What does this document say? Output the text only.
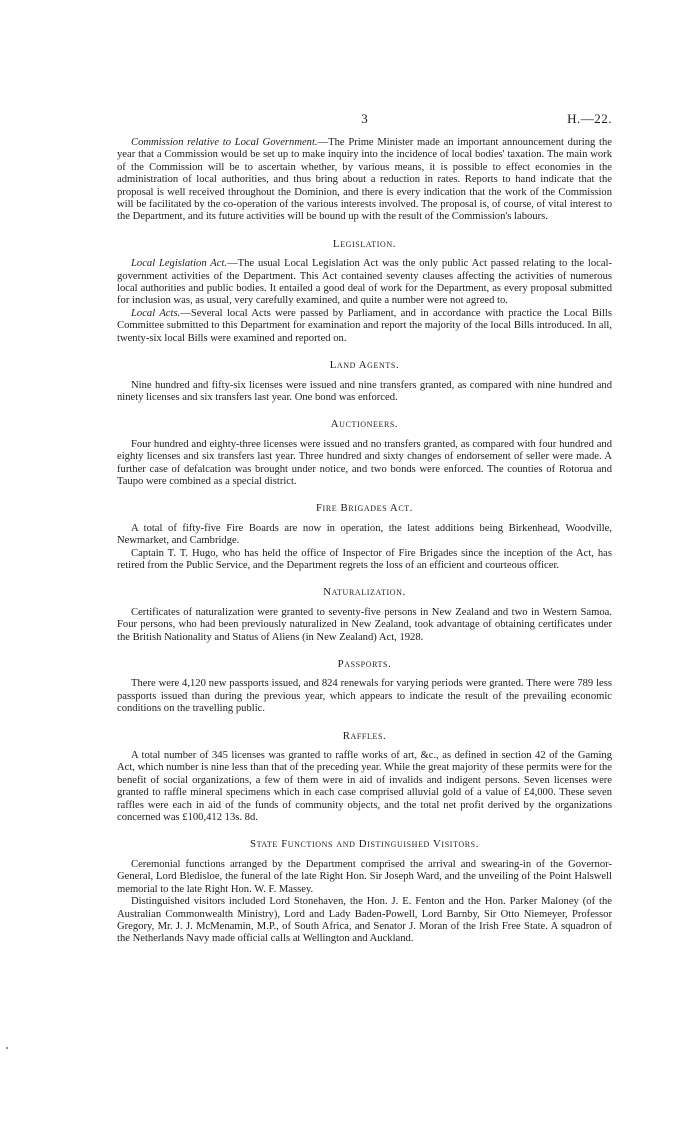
3	H.—22.

Commission relative to Local Government.—The Prime Minister made an important announcement during the year that a Commission would be set up to make inquiry into the incidence of local bodies' taxation. The main work of the Commission will be to ascertain whether, by various means, it is possible to effect economies in the administration of local authorities, and thus bring about a reduction in rates. Reports to hand indicate that the proposal is well received throughout the Dominion, and there is every indication that the work of the Commission will be facilitated by the co-operation of the various interests involved. The proposal is, of course, of vital interest to the Department, and its future activities will be bound up with the result of the Commission's labours.

Legislation.

Local Legislation Act.—The usual Local Legislation Act was the only public Act passed relating to the local-government activities of the Department. This Act contained seventy clauses affecting the activities of numerous local authorities and public bodies. It entailed a good deal of work for the Department, as every proposal submitted for inclusion was, as usual, very carefully examined, and quite a number were not agreed to.

Local Acts.—Several local Acts were passed by Parliament, and in accordance with practice the Local Bills Committee submitted to this Department for examination and report the majority of the local Bills introduced. In all, twenty-six local Bills were examined and reported on.

Land Agents.

Nine hundred and fifty-six licenses were issued and nine transfers granted, as compared with nine hundred and ninety licenses and six transfers last year. One bond was enforced.

Auctioneers.

Four hundred and eighty-three licenses were issued and no transfers granted, as compared with four hundred and eighty licenses and six transfers last year. Three hundred and sixty changes of endorsement of seller were made. A further case of defalcation was brought under notice, and two bonds were enforced. The counties of Rotorua and Taupo were combined as a special district.

Fire Brigades Act.

A total of fifty-five Fire Boards are now in operation, the latest additions being Birkenhead, Woodville, Newmarket, and Cambridge.

Captain T. T. Hugo, who has held the office of Inspector of Fire Brigades since the inception of the Act, has retired from the Public Service, and the Department regrets the loss of an efficient and courteous officer.

Naturalization.

Certificates of naturalization were granted to seventy-five persons in New Zealand and two in Western Samoa. Four persons, who had been previously naturalized in New Zealand, took advantage of obtaining certificates under the British Nationality and Status of Aliens (in New Zealand) Act, 1928.

Passports.

There were 4,120 new passports issued, and 824 renewals for varying periods were granted. There were 789 less passports issued than during the previous year, which appears to indicate the result of the prevailing economic conditions on the travelling public.

Raffles.

A total number of 345 licenses was granted to raffle works of art, &c., as defined in section 42 of the Gaming Act, which number is nine less than that of the preceding year. While the great majority of these permits were for the benefit of social organizations, a few of them were in aid of invalids and indigent persons. Seven licenses were granted to raffle mineral specimens which in each case comprised alluvial gold of a value of £4,000. These seven raffles were each in aid of the funds of community objects, and the total net profit derived by the organizations concerned was £100,412 13s. 8d.

State Functions and Distinguished Visitors.

Ceremonial functions arranged by the Department comprised the arrival and swearing-in of the Governor-General, Lord Bledisloe, the funeral of the late Right Hon. Sir Joseph Ward, and the unveiling of the Point Halswell memorial to the late Right Hon. W. F. Massey.

Distinguished visitors included Lord Stonehaven, the Hon. J. E. Fenton and the Hon. Parker Maloney (of the Australian Commonwealth Ministry), Lord and Lady Baden-Powell, Lord Barnby, Sir Otto Niemeyer, Professor Gregory, Mr. J. J. McMenamin, M.P., of South Africa, and Senator J. Moran of the Irish Free State. A squadron of the Netherlands Navy made official calls at Wellington and Auckland.
